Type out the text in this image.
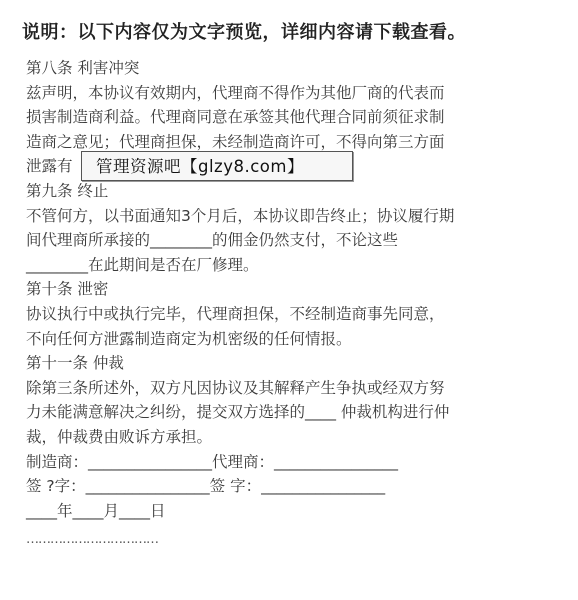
说明：以下内容仅为文字预览，详细内容请下载查看。
第八条 利害冲突
兹声明，本协议有效期内，代理商不得作为其他厂商的代表而
损害制造商利益。代理商同意在承签其他代理合同前须征求制
造商之意见；代理商担保，未经制造商许可，不得向第三方面
泄露有
第九条 终止
不管何方，以书面通知3个月后，本协议即告终止；协议履行期
间代理商所承接的________的佣金仍然支付，不论这些
________在此期间是否在厂修理。
第十条 泄密
协议执行中或执行完毕，代理商担保，不经制造商事先同意，
不向任何方泄露制造商定为机密级的任何情报。
第十一条 仲裁
除第三条所述外，双方凡因协议及其解释产生争执或经双方努
力未能满意解决之纠纷，提交双方选择的____ 仲裁机构进行仲
裁，仲裁费由败诉方承担。
制造商：________________代理商：________________
签 ?字：________________签 字：________________
____年____月____日
管理资源吧【glzy8.com】
……………………………
